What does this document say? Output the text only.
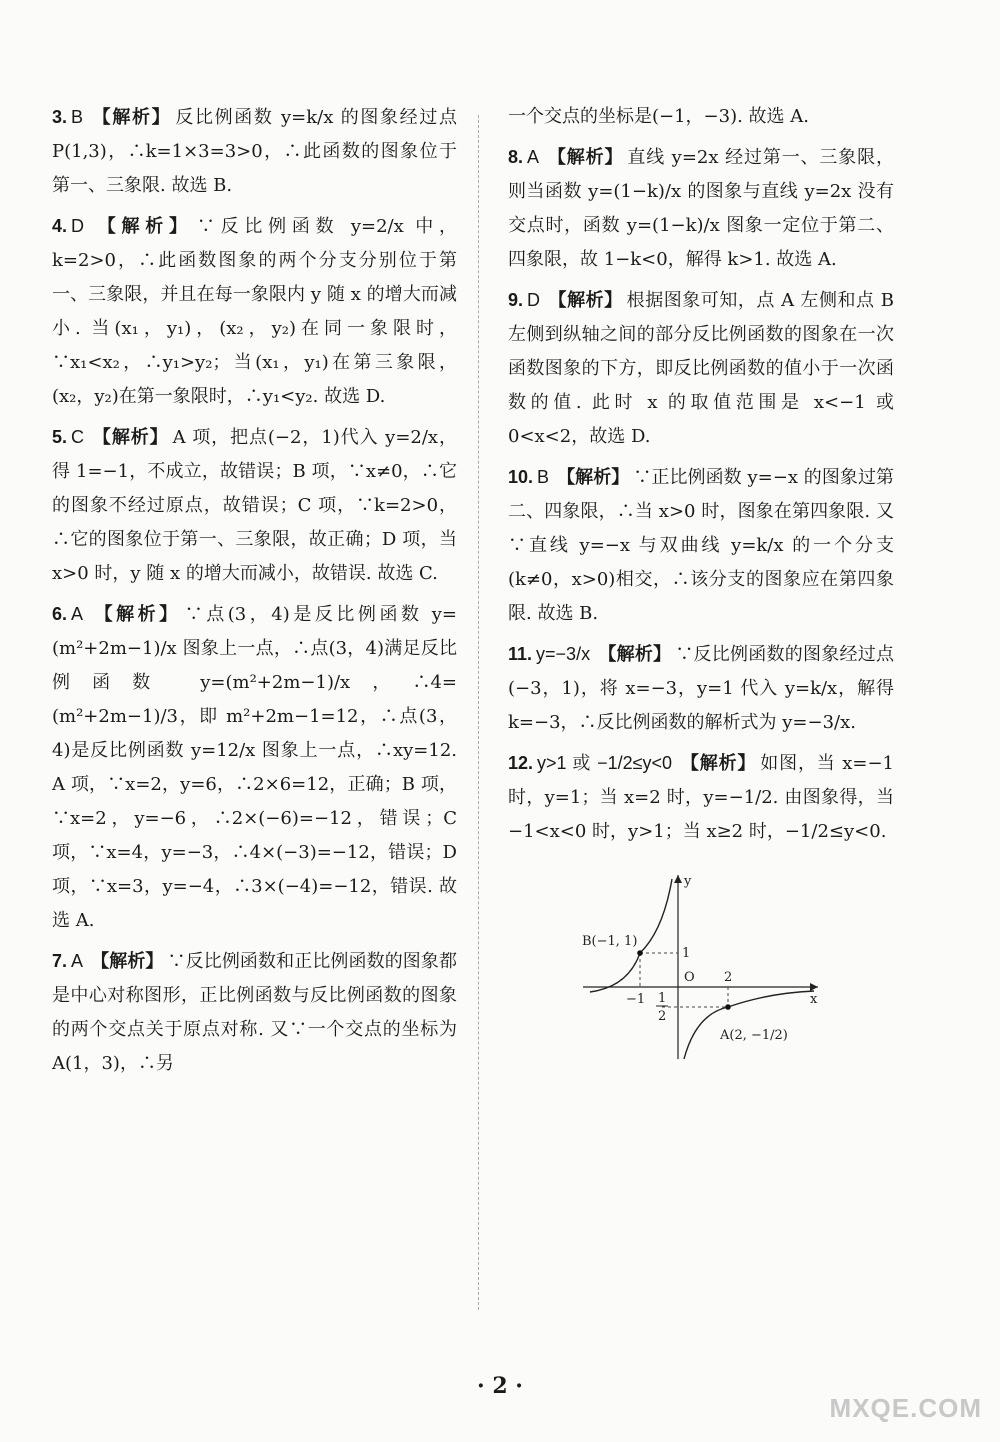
3. B 【解析】 反比例函数 y=k/x 的图象经过点 P(1,3)，∴k=1×3=3>0，∴此函数的图象位于第一、三象限. 故选 B.
4. D 【解析】 ∵反比例函数 y=2/x 中，k=2>0，∴此函数图象的两个分支分别位于第一、三象限，并且在每一象限内 y 随 x 的增大而减小. 当(x₁，y₁)，(x₂，y₂)在同一象限时，∵x₁<x₂，∴y₁>y₂；当(x₁，y₁)在第三象限，(x₂，y₂)在第一象限时，∴y₁<y₂. 故选 D.
5. C 【解析】 A 项，把点(−2，1)代入 y=2/x，得 1=−1，不成立，故错误；B 项，∵x≠0，∴它的图象不经过原点，故错误；C 项，∵k=2>0，∴它的图象位于第一、三象限，故正确；D 项，当 x>0 时，y 随 x 的增大而减小，故错误. 故选 C.
6. A 【解析】 ∵点(3，4)是反比例函数 y=(m²+2m−1)/x 图象上一点，∴点(3，4)满足反比例函数 y=(m²+2m−1)/x，∴4=(m²+2m−1)/3，即 m²+2m−1=12，∴点(3，4)是反比例函数 y=12/x 图象上一点，∴xy=12. A 项，∵x=2，y=6，∴2×6=12，正确；B 项，∵x=2，y=−6，∴2×(−6)=−12，错误；C 项，∵x=4，y=−3，∴4×(−3)=−12，错误；D 项，∵x=3，y=−4，∴3×(−4)=−12，错误. 故选 A.
7. A 【解析】 ∵反比例函数和正比例函数的图象都是中心对称图形，正比例函数与反比例函数的图象的两个交点关于原点对称. 又∵一个交点的坐标为 A(1，3)，∴另
一个交点的坐标是(−1，−3). 故选 A.
8. A 【解析】 直线 y=2x 经过第一、三象限，则当函数 y=(1−k)/x 的图象与直线 y=2x 没有交点时，函数 y=(1−k)/x 图象一定位于第二、四象限，故 1−k<0，解得 k>1. 故选 A.
9. D 【解析】 根据图象可知，点 A 左侧和点 B 左侧到纵轴之间的部分反比例函数的图象在一次函数图象的下方，即反比例函数的值小于一次函数的值. 此时 x 的取值范围是 x<−1 或 0<x<2，故选 D.
10. B 【解析】 ∵正比例函数 y=−x 的图象过第二、四象限，∴当 x>0 时，图象在第四象限. 又∵直线 y=−x 与双曲线 y=k/x 的一个分支(k≠0，x>0)相交，∴该分支的图象应在第四象限. 故选 B.
11. y=−3/x 【解析】 ∵反比例函数的图象经过点(−3，1)，将 x=−3，y=1 代入 y=k/x，解得 k=−3，∴反比例函数的解析式为 y=−3/x.
12. y>1 或 −1/2≤y<0 【解析】 如图，当 x=−1 时，y=1；当 x=2 时，y=−1/2. 由图象得，当 −1<x<0 时，y>1；当 x≥2 时，−1/2≤y<0.
y
x
O
B(−1, 1)
1
2
−1 1
2
A(2, −1/2)
· 2 ·
MXQE.COM
